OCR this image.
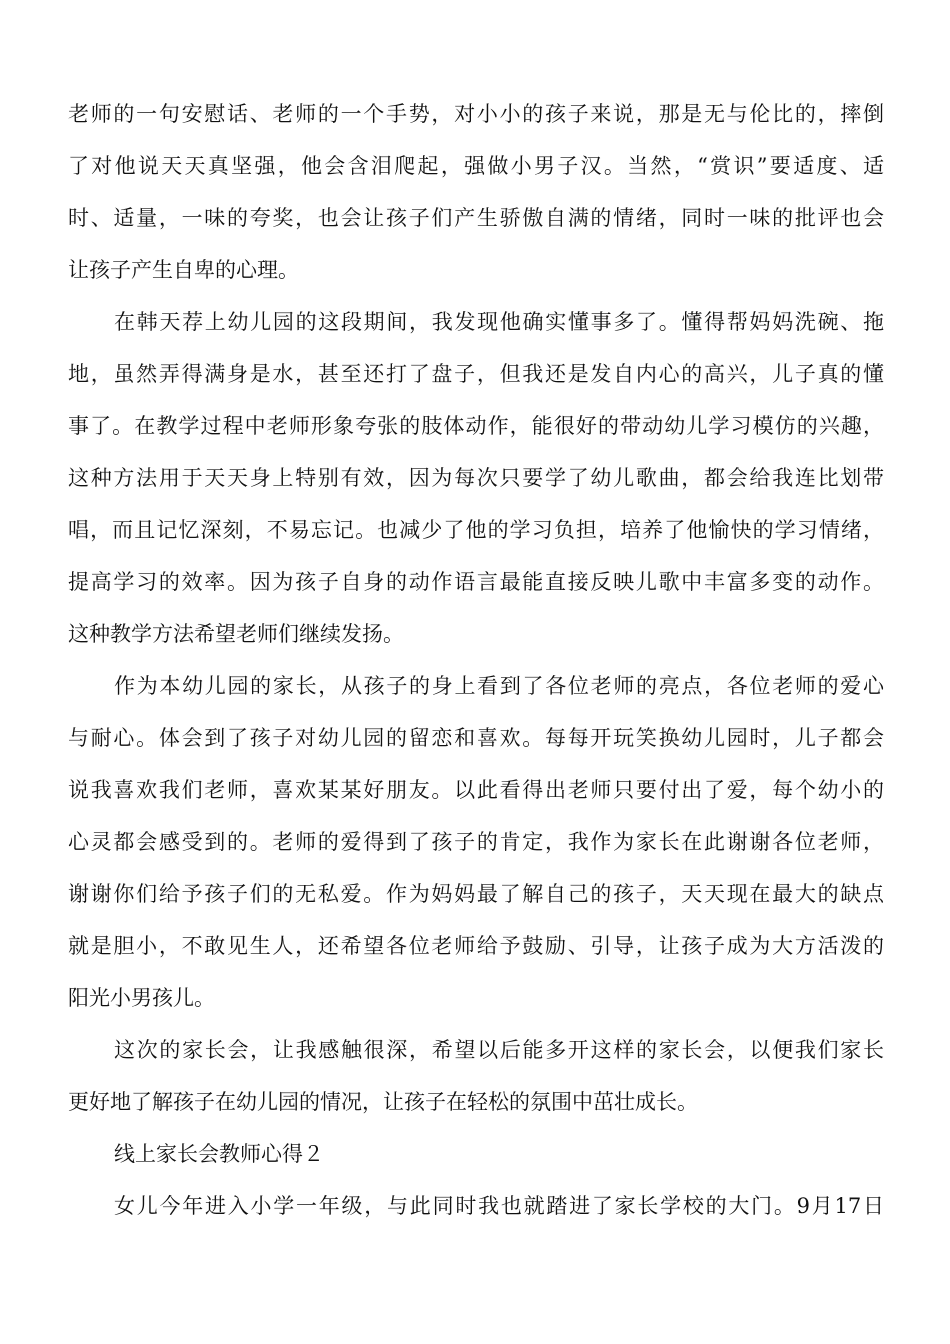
老师的一句安慰话、老师的一个手势，对小小的孩子来说，那是无与伦比的，摔倒
了对他说天天真坚强，他会含泪爬起，强做小男子汉。当然，“赏识”要适度、适
时、适量，一味的夸奖，也会让孩子们产生骄傲自满的情绪，同时一味的批评也会
让孩子产生自卑的心理。
在韩天荐上幼儿园的这段期间，我发现他确实懂事多了。懂得帮妈妈洗碗、拖
地，虽然弄得满身是水，甚至还打了盘子，但我还是发自内心的高兴，儿子真的懂
事了。在教学过程中老师形象夸张的肢体动作，能很好的带动幼儿学习模仿的兴趣，
这种方法用于天天身上特别有效，因为每次只要学了幼儿歌曲，都会给我连比划带
唱，而且记忆深刻，不易忘记。也减少了他的学习负担，培养了他愉快的学习情绪，
提高学习的效率。因为孩子自身的动作语言最能直接反映儿歌中丰富多变的动作。
这种教学方法希望老师们继续发扬。
作为本幼儿园的家长，从孩子的身上看到了各位老师的亮点，各位老师的爱心
与耐心。体会到了孩子对幼儿园的留恋和喜欢。每每开玩笑换幼儿园时，儿子都会
说我喜欢我们老师，喜欢某某好朋友。以此看得出老师只要付出了爱，每个幼小的
心灵都会感受到的。老师的爱得到了孩子的肯定，我作为家长在此谢谢各位老师，
谢谢你们给予孩子们的无私爱。作为妈妈最了解自己的孩子，天天现在最大的缺点
就是胆小，不敢见生人，还希望各位老师给予鼓励、引导，让孩子成为大方活泼的
阳光小男孩儿。
这次的家长会，让我感触很深，希望以后能多开这样的家长会，以便我们家长
更好地了解孩子在幼儿园的情况，让孩子在轻松的氛围中茁壮成长。
线上家长会教师心得２
女儿今年进入小学一年级，与此同时我也就踏进了家长学校的大门。9月17日
